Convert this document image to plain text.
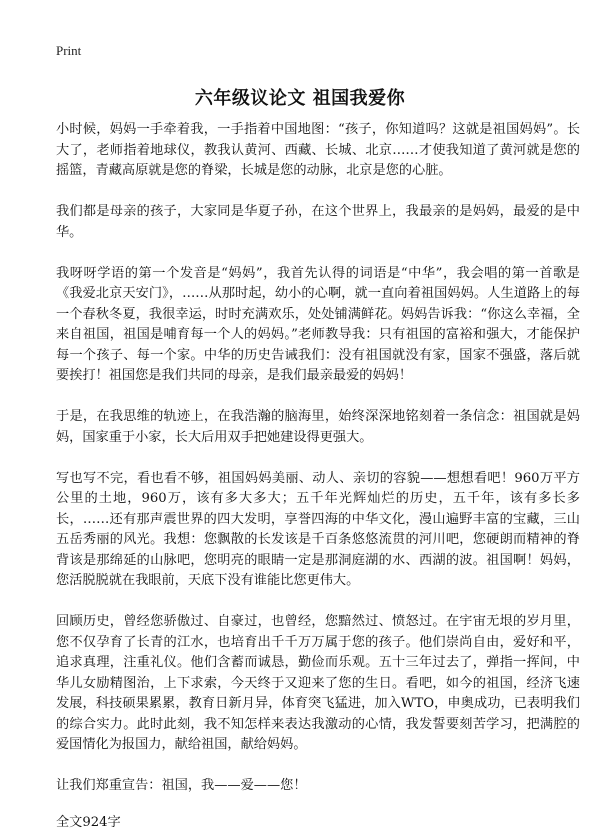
Print
六年级议论文 祖国我爱你

小时候，妈妈一手牵着我，一手指着中国地图：“孩子，你知道吗？这就是祖国妈妈”。长大了，老师指着地球仪，教我认黄河、西藏、长城、北京……才使我知道了黄河就是您的摇篮，青藏高原就是您的脊梁，长城是您的动脉，北京是您的心脏。

我们都是母亲的孩子，大家同是华夏子孙，在这个世界上，我最亲的是妈妈，最爱的是中华。

我呀呀学语的第一个发音是“妈妈”，我首先认得的词语是“中华”，我会唱的第一首歌是《我爱北京天安门》，……从那时起，幼小的心啊，就一直向着祖国妈妈。人生道路上的每一个春秋冬夏，我很幸运，时时充满欢乐，处处铺满鲜花。妈妈告诉我：“你这么幸福，全来自祖国，祖国是哺育每一个人的妈妈。”老师教导我：只有祖国的富裕和强大，才能保护每一个孩子、每一个家。中华的历史告诫我们：没有祖国就没有家，国家不强盛，落后就要挨打！祖国您是我们共同的母亲，是我们最亲最爱的妈妈！

于是，在我思维的轨迹上，在我浩瀚的脑海里，始终深深地铭刻着一条信念：祖国就是妈妈，国家重于小家，长大后用双手把她建设得更强大。

写也写不完，看也看不够，祖国妈妈美丽、动人、亲切的容貌——想想看吧！960万平方公里的土地，960万，该有多大多大；五千年光辉灿烂的历史，五千年，该有多长多长，……还有那声震世界的四大发明，享誉四海的中华文化，漫山遍野丰富的宝藏，三山五岳秀丽的风光。我想：您飘散的长发该是千百条悠悠流贯的河川吧，您硬朗而精神的脊背该是那绵延的山脉吧，您明亮的眼睛一定是那洞庭湖的水、西湖的波。祖国啊！妈妈，您活脱脱就在我眼前，天底下没有谁能比您更伟大。

回顾历史，曾经您骄傲过、自豪过，也曾经，您黯然过、愤怒过。在宇宙无垠的岁月里，您不仅孕育了长青的江水，也培育出千千万万属于您的孩子。他们崇尚自由，爱好和平，追求真理，注重礼仪。他们含蓄而诚恳，勤俭而乐观。五十三年过去了，弹指一挥间，中华儿女励精图治，上下求索，今天终于又迎来了您的生日。看吧，如今的祖国，经济飞速发展，科技硕果累累，教育日新月异，体育突飞猛进，加入WTO，申奥成功，已表明我们的综合实力。此时此刻，我不知怎样来表达我激动的心情，我发誓要刻苦学习，把满腔的爱国情化为报国力，献给祖国，献给妈妈。

让我们郑重宣告：祖国，我——爱——您！

全文924字
